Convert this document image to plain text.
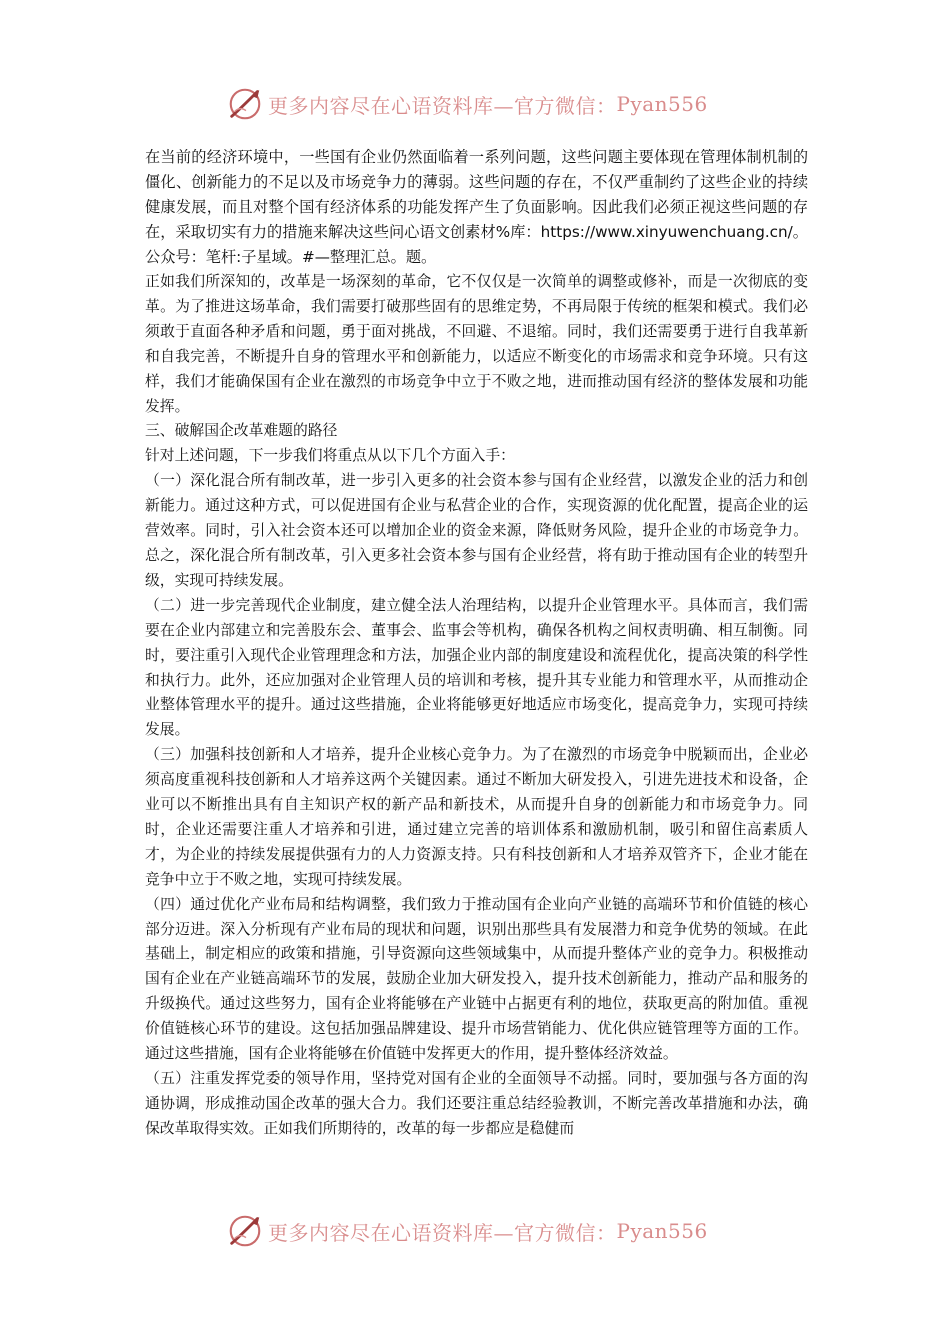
更多内容尽在心语资料库—官方微信： Pyan556

在当前的经济环境中，一些国有企业仍然面临着一系列问题，这些问题主要体现在管理体制机制的僵化、创新能力的不足以及市场竞争力的薄弱。这些问题的存在，不仅严重制约了这些企业的持续健康发展，而且对整个国有经济体系的功能发挥产生了负面影响。因此我们必须正视这些问题的存在，采取切实有力的措施来解决这些问心语文创素材%库：https://www.xinyuwenchuang.cn/。公众号：笔杆:子星域。#—整理汇总。题。

正如我们所深知的，改革是一场深刻的革命，它不仅仅是一次简单的调整或修补，而是一次彻底的变革。为了推进这场革命，我们需要打破那些固有的思维定势，不再局限于传统的框架和模式。我们必须敢于直面各种矛盾和问题，勇于面对挑战，不回避、不退缩。同时，我们还需要勇于进行自我革新和自我完善，不断提升自身的管理水平和创新能力，以适应不断变化的市场需求和竞争环境。只有这样，我们才能确保国有企业在激烈的市场竞争中立于不败之地，进而推动国有经济的整体发展和功能发挥。

三、破解国企改革难题的路径

针对上述问题，下一步我们将重点从以下几个方面入手：

（一）深化混合所有制改革，进一步引入更多的社会资本参与国有企业经营，以激发企业的活力和创新能力。通过这种方式，可以促进国有企业与私营企业的合作，实现资源的优化配置，提高企业的运营效率。同时，引入社会资本还可以增加企业的资金来源，降低财务风险，提升企业的市场竞争力。总之，深化混合所有制改革，引入更多社会资本参与国有企业经营，将有助于推动国有企业的转型升级，实现可持续发展。

（二）进一步完善现代企业制度，建立健全法人治理结构，以提升企业管理水平。具体而言，我们需要在企业内部建立和完善股东会、董事会、监事会等机构，确保各机构之间权责明确、相互制衡。同时，要注重引入现代企业管理理念和方法，加强企业内部的制度建设和流程优化，提高决策的科学性和执行力。此外，还应加强对企业管理人员的培训和考核，提升其专业能力和管理水平，从而推动企业整体管理水平的提升。通过这些措施，企业将能够更好地适应市场变化，提高竞争力，实现可持续发展。

（三）加强科技创新和人才培养，提升企业核心竞争力。为了在激烈的市场竞争中脱颖而出，企业必须高度重视科技创新和人才培养这两个关键因素。通过不断加大研发投入，引进先进技术和设备，企业可以不断推出具有自主知识产权的新产品和新技术，从而提升自身的创新能力和市场竞争力。同时，企业还需要注重人才培养和引进，通过建立完善的培训体系和激励机制，吸引和留住高素质人才，为企业的持续发展提供强有力的人力资源支持。只有科技创新和人才培养双管齐下，企业才能在竞争中立于不败之地，实现可持续发展。

（四）通过优化产业布局和结构调整，我们致力于推动国有企业向产业链的高端环节和价值链的核心部分迈进。深入分析现有产业布局的现状和问题，识别出那些具有发展潜力和竞争优势的领域。在此基础上，制定相应的政策和措施，引导资源向这些领域集中，从而提升整体产业的竞争力。积极推动国有企业在产业链高端环节的发展，鼓励企业加大研发投入，提升技术创新能力，推动产品和服务的升级换代。通过这些努力，国有企业将能够在产业链中占据更有利的地位，获取更高的附加值。重视价值链核心环节的建设。这包括加强品牌建设、提升市场营销能力、优化供应链管理等方面的工作。通过这些措施，国有企业将能够在价值链中发挥更大的作用，提升整体经济效益。

（五）注重发挥党委的领导作用，坚持党对国有企业的全面领导不动摇。同时，要加强与各方面的沟通协调，形成推动国企改革的强大合力。我们还要注重总结经验教训，不断完善改革措施和办法，确保改革取得实效。正如我们所期待的，改革的每一步都应是稳健而

更多内容尽在心语资料库—官方微信： Pyan556
